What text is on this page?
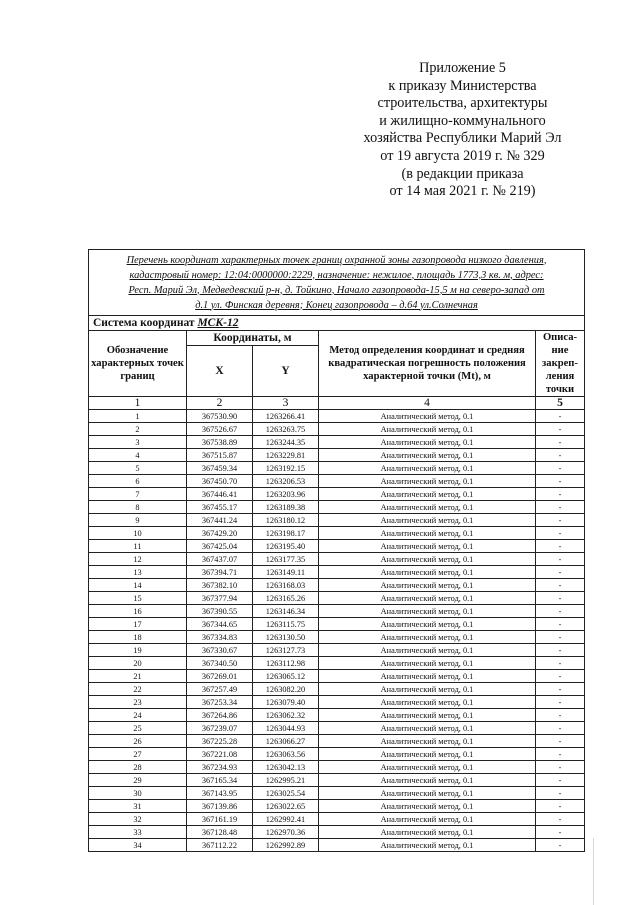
Приложение 5
к приказу Министерства
строительства, архитектуры
и жилищно-коммунального
хозяйства Республики Марий Эл
от 19 августа 2019 г. № 329
(в редакции приказа
от 14 мая 2021 г. № 219)
Перечень координат характерных точек границ охранной зоны газопровода низкого давления,
кадастровый номер: 12:04:0000000:2229, назначение: нежилое, площадь 1773,3 кв. м, адрес:
Респ. Марий Эл, Медведевский р-н, д. Тойкино, Начало газопровода-15,5 м на северо-запад от
д.1 ул. Финская деревня; Конец газопровода – д.64 ул.Солнечная				

Система координат МСК-12				
Обозначение характерных точек границ	Координаты, м		Метод определения координат и средняя квадратическая погрешность положения характерной точки (Mt), м	Описа-ние закреп-ления точки
	X	Y		
1	2	3	4	5
1	367530.90	1263266.41	Аналитический метод, 0.1	-
2	367526.67	1263263.75	Аналитический метод, 0.1	-
3	367538.89	1263244.35	Аналитический метод, 0.1	-
4	367515.87	1263229.81	Аналитический метод, 0.1	-
5	367459.34	1263192.15	Аналитический метод, 0.1	-
6	367450.70	1263206.53	Аналитический метод, 0.1	-
7	367446.41	1263203.96	Аналитический метод, 0.1	-
8	367455.17	1263189.38	Аналитический метод, 0.1	-
9	367441.24	1263180.12	Аналитический метод, 0.1	-
10	367429.20	1263198.17	Аналитический метод, 0.1	-
11	367425.04	1263195.40	Аналитический метод, 0.1	-
12	367437.07	1263177.35	Аналитический метод, 0.1	-
13	367394.71	1263149.11	Аналитический метод, 0.1	-
14	367382.10	1263168.03	Аналитический метод, 0.1	-
15	367377.94	1263165.26	Аналитический метод, 0.1	-
16	367390.55	1263146.34	Аналитический метод, 0.1	-
17	367344.65	1263115.75	Аналитический метод, 0.1	-
18	367334.83	1263130.50	Аналитический метод, 0.1	-
19	367330.67	1263127.73	Аналитический метод, 0.1	-
20	367340.50	1263112.98	Аналитический метод, 0.1	-
21	367269.01	1263065.12	Аналитический метод, 0.1	-
22	367257.49	1263082.20	Аналитический метод, 0.1	-
23	367253.34	1263079.40	Аналитический метод, 0.1	-
24	367264.86	1263062.32	Аналитический метод, 0.1	-
25	367239.07	1263044.93	Аналитический метод, 0.1	-
26	367225.28	1263066.27	Аналитический метод, 0.1	-
27	367221.08	1263063.56	Аналитический метод, 0.1	-
28	367234.93	1263042.13	Аналитический метод, 0.1	-
29	367165.34	1262995.21	Аналитический метод, 0.1	-
30	367143.95	1263025.54	Аналитический метод, 0.1	-
31	367139.86	1263022.65	Аналитический метод, 0.1	-
32	367161.19	1262992.41	Аналитический метод, 0.1	-
33	367128.48	1262970.36	Аналитический метод, 0.1	-
34	367112.22	1262992.89	Аналитический метод, 0.1	-
